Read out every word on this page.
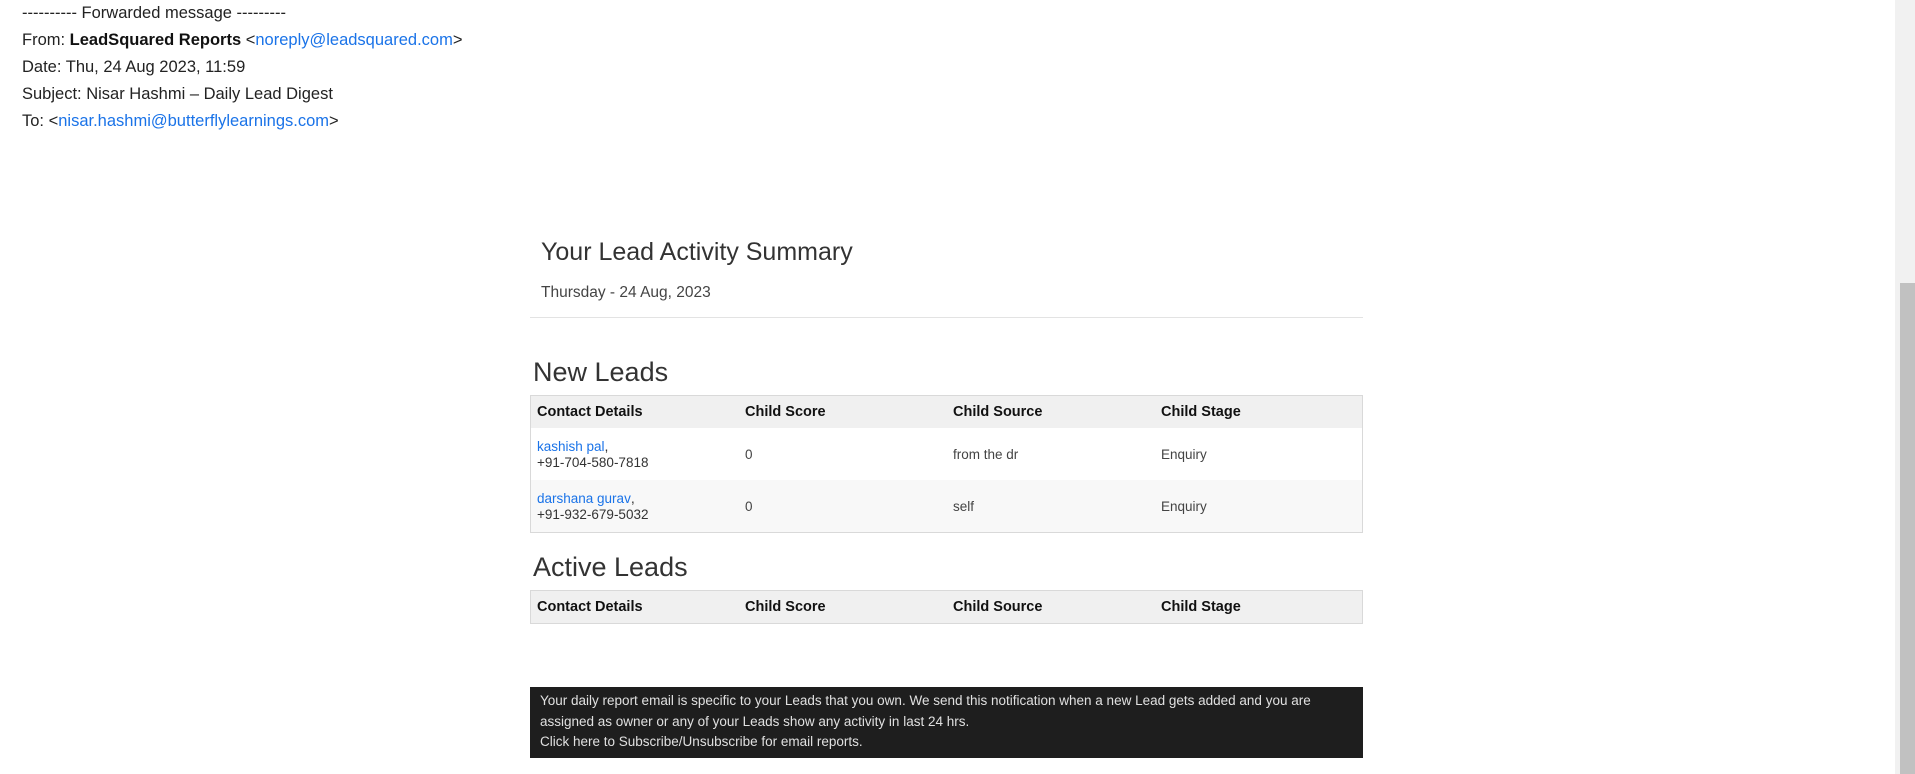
---------- Forwarded message ---------
From: LeadSquared Reports <noreply@leadsquared.com>
Date: Thu, 24 Aug 2023, 11:59
Subject: Nisar Hashmi – Daily Lead Digest
To: <nisar.hashmi@butterflylearnings.com>
Your Lead Activity Summary
Thursday - 24 Aug, 2023
New Leads
Contact Details	Child Score	Child Source	Child Stage
kashish pal,
+91-704-580-7818	0	from the dr	Enquiry
darshana gurav,
+91-932-679-5032	0	self	Enquiry
Active Leads
Contact Details	Child Score	Child Source	Child Stage
Your daily report email is specific to your Leads that you own. We send this notification when a new Lead gets added and you are assigned as owner or any of your Leads show any activity in last 24 hrs.
Click here to Subscribe/Unsubscribe for email reports.
